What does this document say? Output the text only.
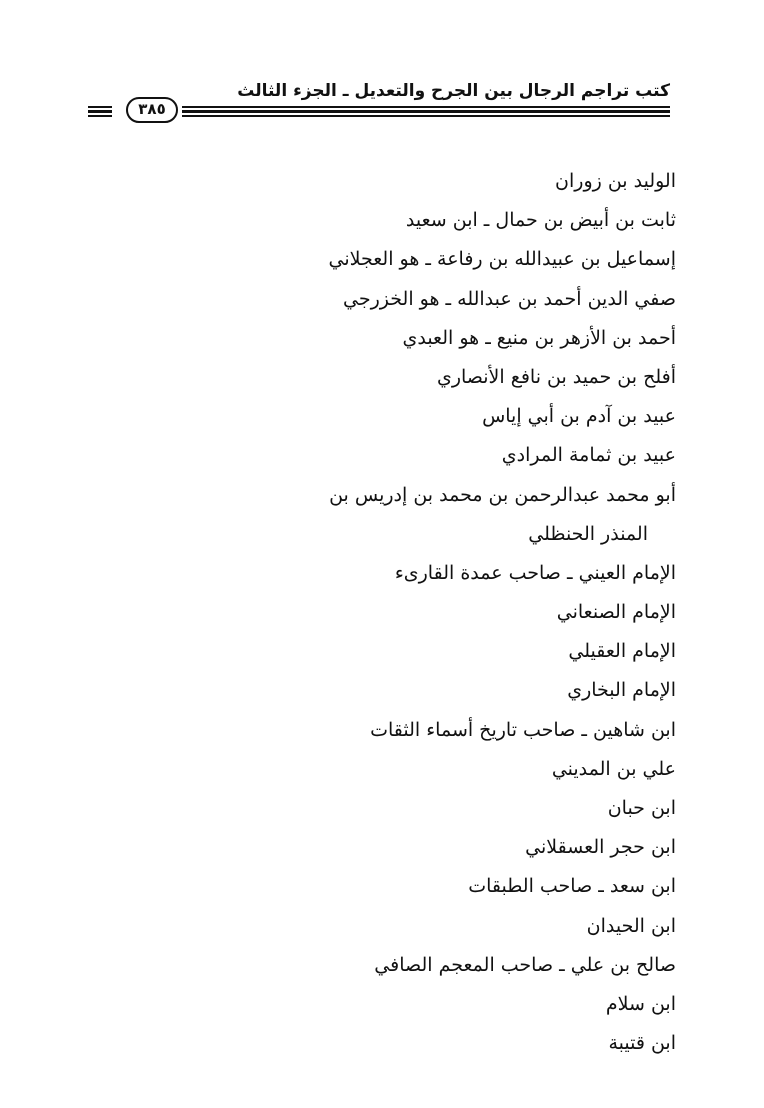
كتب تراجم الرجال بين الجرح والتعديل ـ الجزء الثالث
٣٨٥
الوليد بن زوران
ثابت بن أبيض بن حمال ـ ابن سعيد
إسماعيل بن عبيدالله بن رفاعة ـ هو العجلاني
صفي الدين أحمد بن عبدالله ـ هو الخزرجي
أحمد بن الأزهر بن منيع ـ هو العبدي
أفلح بن حميد بن نافع الأنصاري
عبيد بن آدم بن أبي إياس
عبيد بن ثمامة المرادي
أبو محمد عبدالرحمن بن محمد بن إدريس بن
المنذر الحنظلي
الإمام العيني ـ صاحب عمدة القارىء
الإمام الصنعاني
الإمام العقيلي
الإمام البخاري
ابن شاهين ـ صاحب تاريخ أسماء الثقات
علي بن المديني
ابن حبان
ابن حجر العسقلاني
ابن سعد ـ صاحب الطبقات
ابن الحيدان
صالح بن علي ـ صاحب المعجم الصافي
ابن سلام
ابن قتيبة
